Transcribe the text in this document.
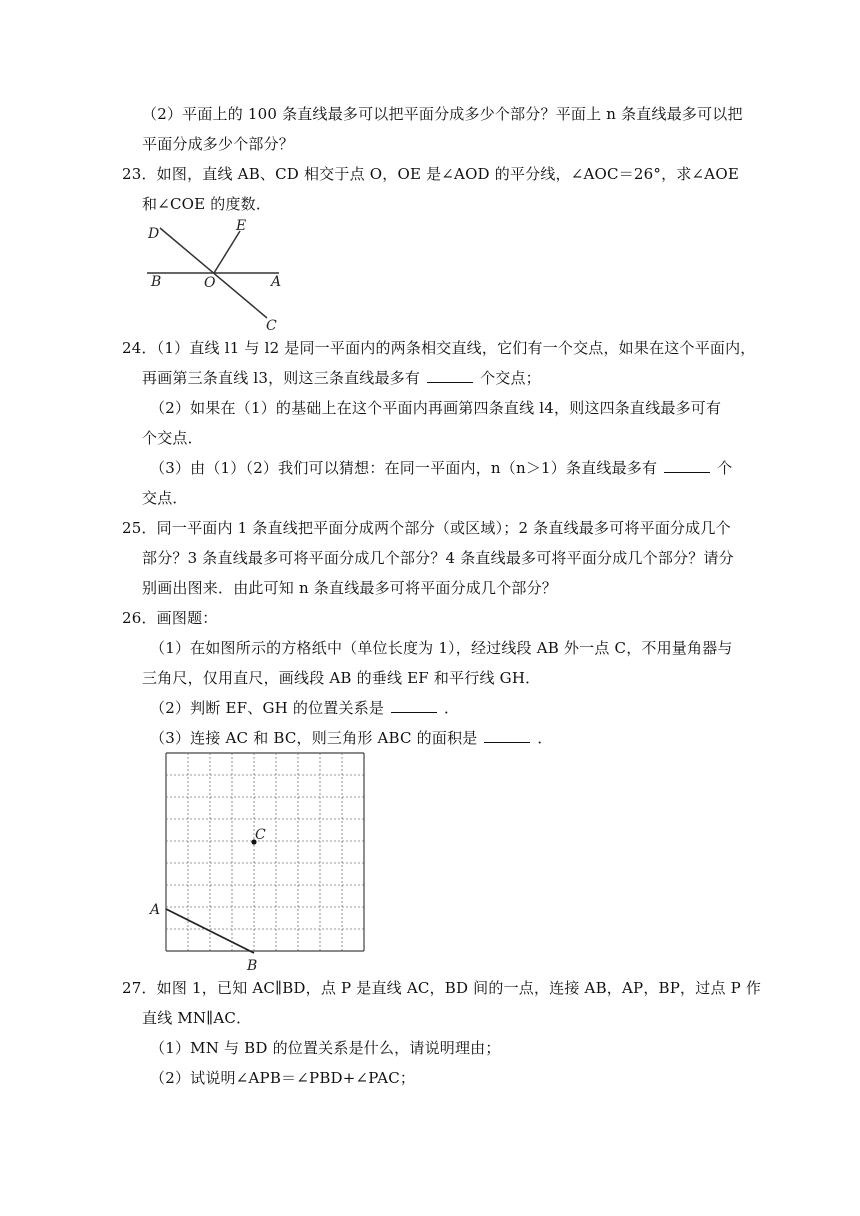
（2）平面上的 100 条直线最多可以把平面分成多少个部分？平面上 n 条直线最多可以把
平面分成多少个部分？
23．如图，直线 AB、CD 相交于点 O，OE 是∠AOD 的平分线，∠AOC＝26°，求∠AOE
和∠COE 的度数．
D	E
B	O	A
C
24．（1）直线 l1 与 l2 是同一平面内的两条相交直线，它们有一个交点，如果在这个平面内，
再画第三条直线 l3，则这三条直线最多有	个交点；
（2）如果在（1）的基础上在这个平面内再画第四条直线 l4，则这四条直线最多可有
个交点．
（3）由（1）（2）我们可以猜想：在同一平面内，n（n＞1）条直线最多有	个
交点．
25．同一平面内 1 条直线把平面分成两个部分（或区域）；2 条直线最多可将平面分成几个
部分？3 条直线最多可将平面分成几个部分？4 条直线最多可将平面分成几个部分？请分
别画出图来．由此可知 n 条直线最多可将平面分成几个部分？
26．画图题：
（1）在如图所示的方格纸中（单位长度为 1），经过线段 AB 外一点 C，不用量角器与
三角尺，仅用直尺，画线段 AB 的垂线 EF 和平行线 GH．
（2）判断 EF、GH 的位置关系是	．
（3）连接 AC 和 BC，则三角形 ABC 的面积是	．
C
A
B
27．如图 1，已知 AC∥BD，点 P 是直线 AC，BD 间的一点，连接 AB，AP，BP，过点 P 作
直线 MN∥AC．
（1）MN 与 BD 的位置关系是什么，请说明理由；
（2）试说明∠APB＝∠PBD+∠PAC；
